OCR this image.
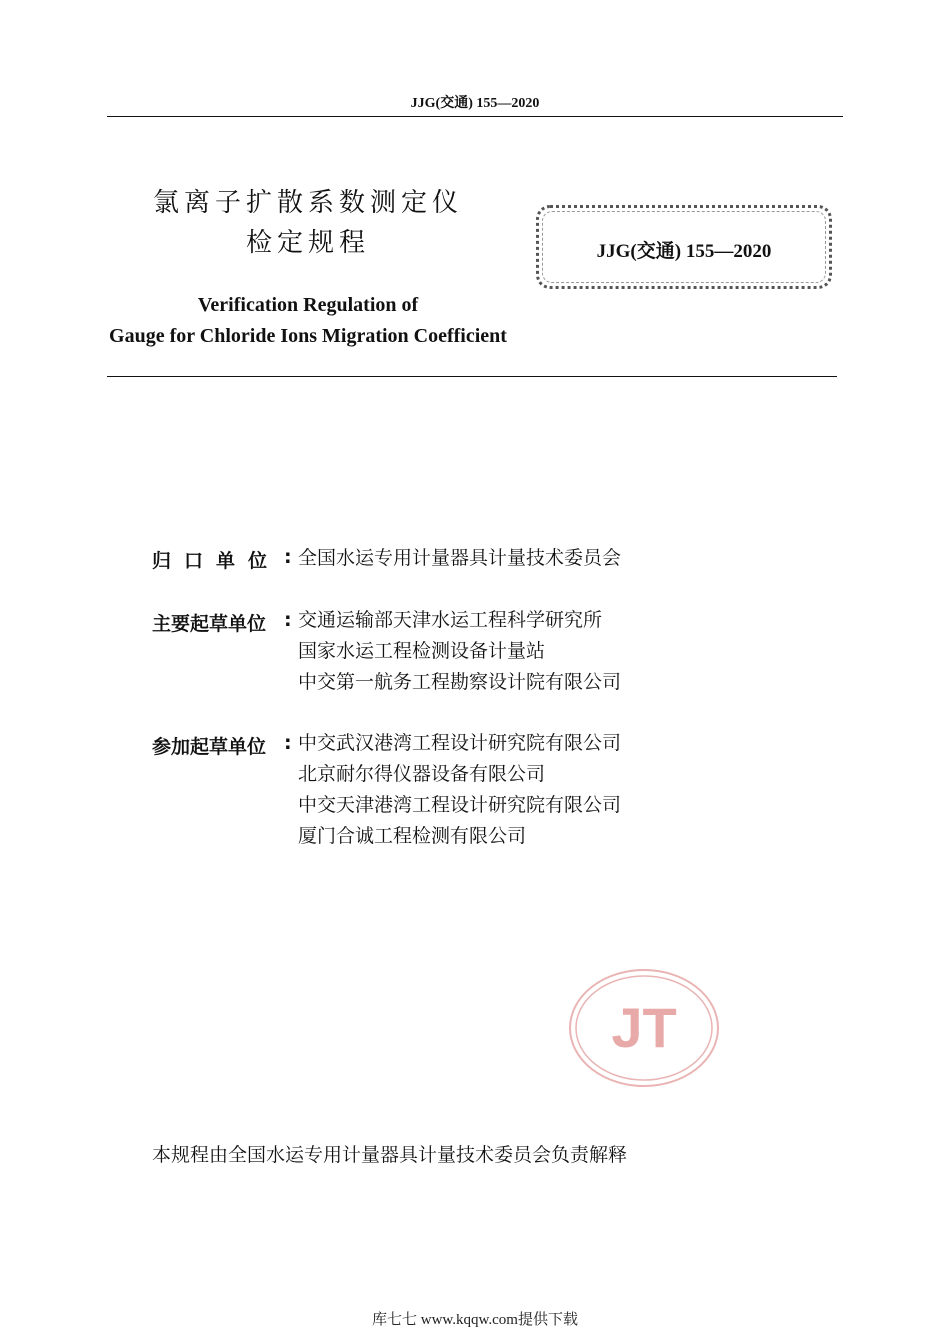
JJG(交通) 155—2020
氯离子扩散系数测定仪
检定规程	JJG(交通) 155—2020
Verification Regulation of
Gauge for Chloride Ions Migration Coefficient
归口单位 : 全国水运专用计量器具计量技术委员会
主要起草单位 : 交通运输部天津水运工程科学研究所
国家水运工程检测设备计量站
中交第一航务工程勘察设计院有限公司
参加起草单位 : 中交武汉港湾工程设计研究院有限公司
北京耐尔得仪器设备有限公司
中交天津港湾工程设计研究院有限公司
厦门合诚工程检测有限公司
JT
本规程由全国水运专用计量器具计量技术委员会负责解释
库七七 www.kqqw.com提供下载
